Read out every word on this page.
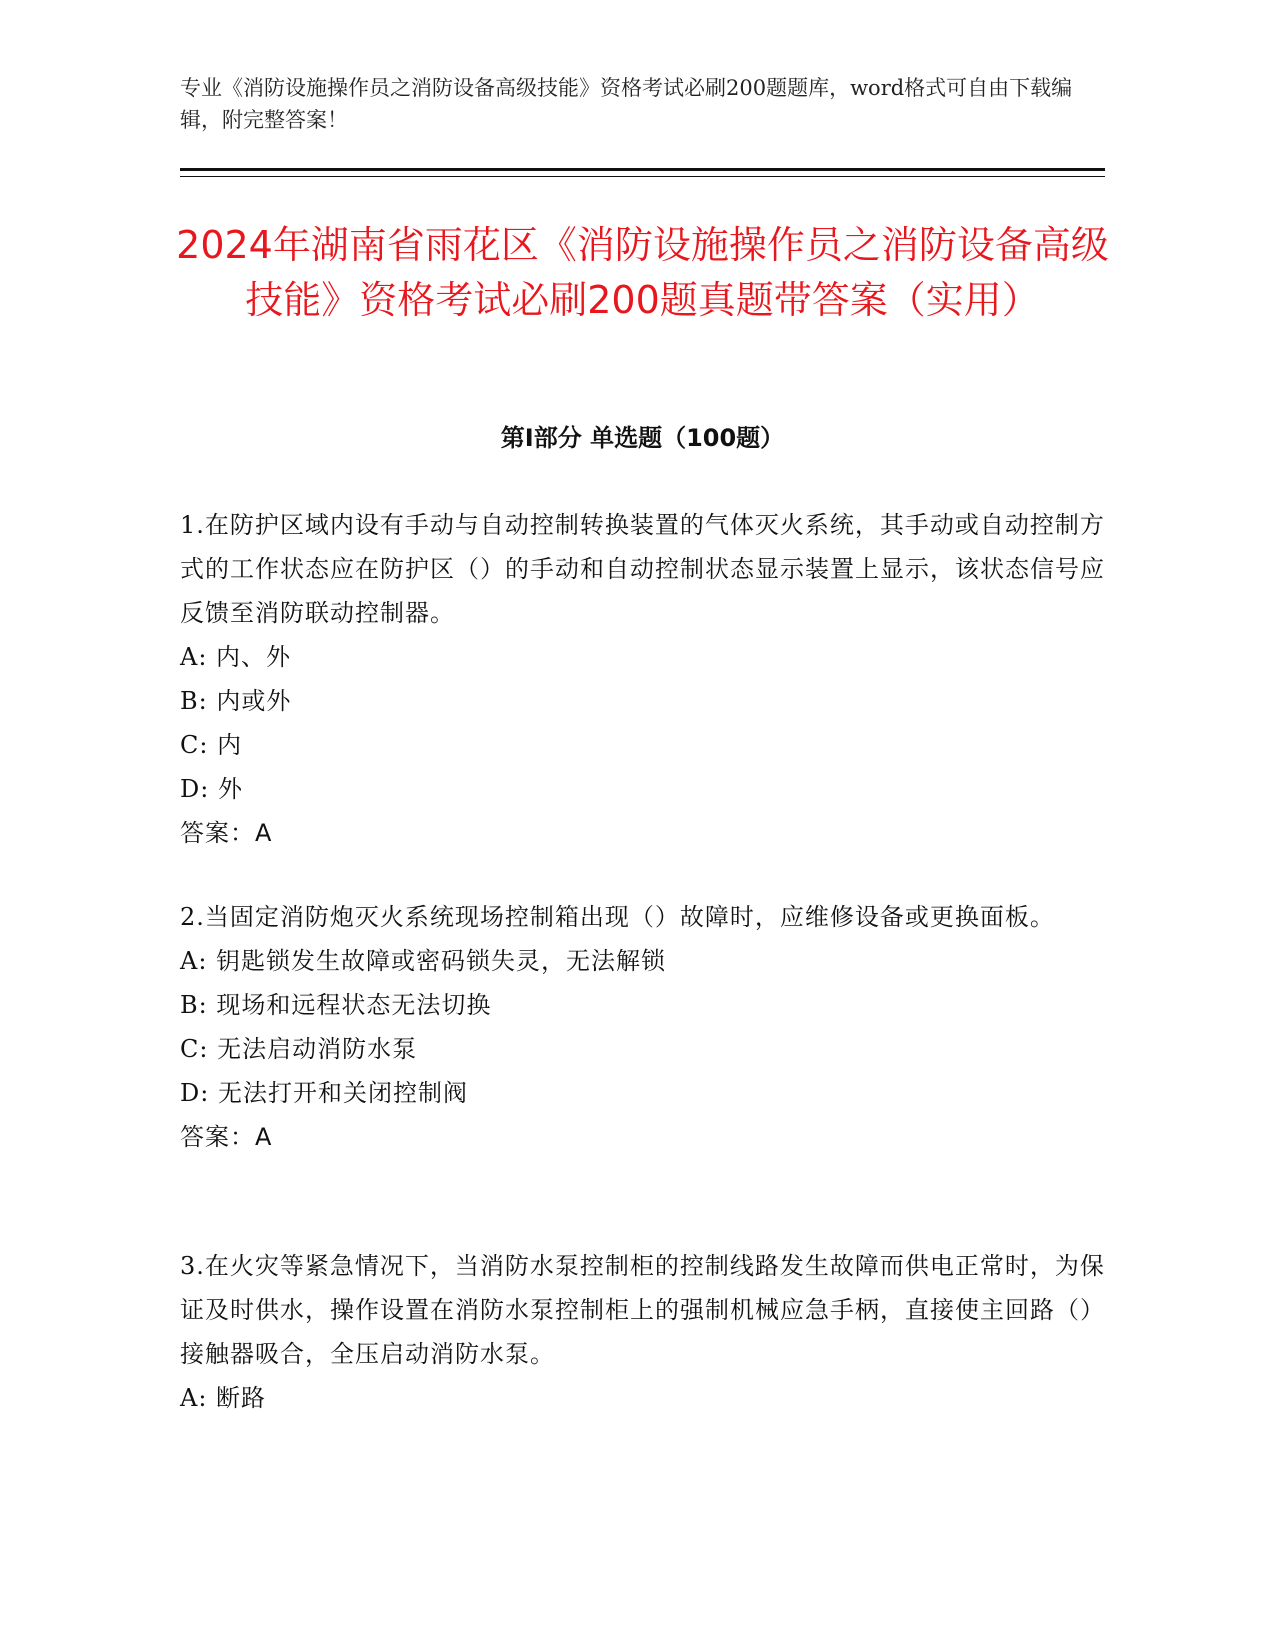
专业《消防设施操作员之消防设备高级技能》资格考试必刷200题题库，word格式可自由下载编辑，附完整答案！

2024年湖南省雨花区《消防设施操作员之消防设备高级技能》资格考试必刷200题真题带答案（实用）
第I部分 单选题（100题）

1.在防护区域内设有手动与自动控制转换装置的气体灭火系统，其手动或自动控制方式的工作状态应在防护区（）的手动和自动控制状态显示装置上显示，该状态信号应反馈至消防联动控制器。

A: 内、外

B: 内或外

C: 内

D: 外

答案：A

2.当固定消防炮灭火系统现场控制箱出现（）故障时，应维修设备或更换面板。

A: 钥匙锁发生故障或密码锁失灵，无法解锁

B: 现场和远程状态无法切换

C: 无法启动消防水泵

D: 无法打开和关闭控制阀

答案：A

3.在火灾等紧急情况下，当消防水泵控制柜的控制线路发生故障而供电正常时，为保证及时供水，操作设置在消防水泵控制柜上的强制机械应急手柄，直接使主回路（）接触器吸合，全压启动消防水泵。

A: 断路
